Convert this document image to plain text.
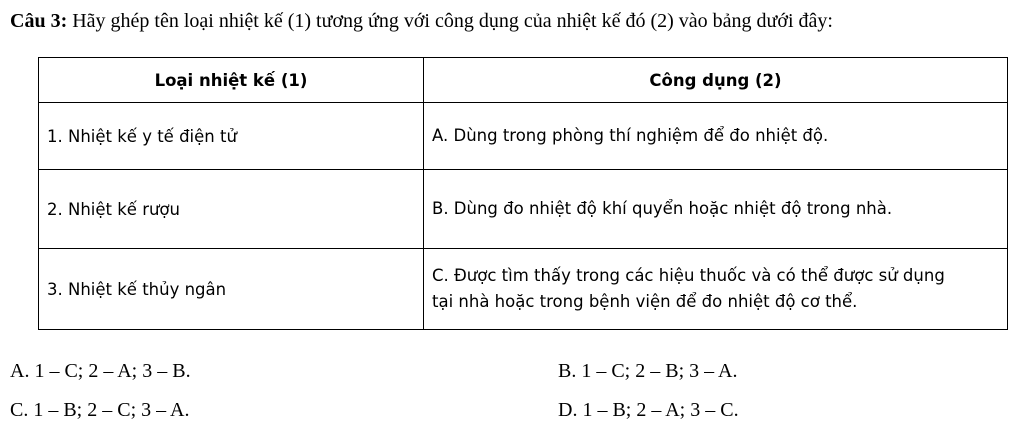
Câu 3: Hãy ghép tên loại nhiệt kế (1) tương ứng với công dụng của nhiệt kế đó (2) vào bảng dưới đây:
Loại nhiệt kế (1)	Công dụng (2)
1. Nhiệt kế y tế điện tử	A. Dùng trong phòng thí nghiệm để đo nhiệt độ.

2. Nhiệt kế rượu	B. Dùng đo nhiệt độ khí quyển hoặc nhiệt độ trong nhà.

3. Nhiệt kế thủy ngân	C. Được tìm thấy trong các hiệu thuốc và có thể được sử dụng
tại nhà hoặc trong bệnh viện để đo nhiệt độ cơ thể.
A. 1 – C; 2 – A; 3 – B.	B. 1 – C; 2 – B; 3 – A.
C. 1 – B; 2 – C; 3 – A.	D. 1 – B; 2 – A; 3 – C.
